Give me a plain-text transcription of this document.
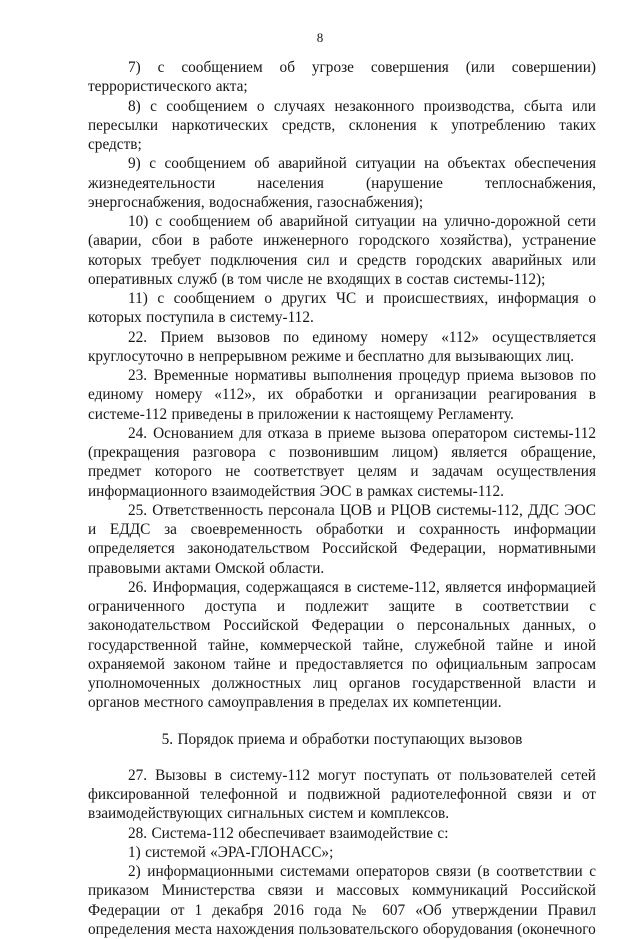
8

7) с сообщением об угрозе совершения (или совершении) террористического акта;

8) с сообщением о случаях незаконного производства, сбыта или пересылки наркотических средств, склонения к употреблению таких средств;

9) с сообщением об аварийной ситуации на объектах обеспечения жизнедеятельности населения (нарушение теплоснабжения, энергоснабжения, водоснабжения, газоснабжения);

10) с сообщением об аварийной ситуации на улично-дорожной сети (аварии, сбои в работе инженерного городского хозяйства), устранение которых требует подключения сил и средств городских аварийных или оперативных служб (в том числе не входящих в состав системы-112);

11) с сообщением о других ЧС и происшествиях, информация о которых поступила в систему-112.

22. Прием вызовов по единому номеру «112» осуществляется круглосуточно в непрерывном режиме и бесплатно для вызывающих лиц.

23. Временные нормативы выполнения процедур приема вызовов по единому номеру «112», их обработки и организации реагирования в системе-112 приведены в приложении к настоящему Регламенту.

24. Основанием для отказа в приеме вызова оператором системы-112 (прекращения разговора с позвонившим лицом) является обращение, предмет которого не соответствует целям и задачам осуществления информационного взаимодействия ЭОС в рамках системы-112.

25. Ответственность персонала ЦОВ и РЦОВ системы-112, ДДС ЭОС и ЕДДС за своевременность обработки и сохранность информации определяется законодательством Российской Федерации, нормативными правовыми актами Омской области.

26. Информация, содержащаяся в системе-112, является информацией ограниченного доступа и подлежит защите в соответствии с законодательством Российской Федерации о персональных данных, о государственной тайне, коммерческой тайне, служебной тайне и иной охраняемой законом тайне и предоставляется по официальным запросам уполномоченных должностных лиц органов государственной власти и органов местного самоуправления в пределах их компетенции.

5. Порядок приема и обработки поступающих вызовов

27. Вызовы в систему-112 могут поступать от пользователей сетей фиксированной телефонной и подвижной радиотелефонной связи и от взаимодействующих сигнальных систем и комплексов.

28. Система-112 обеспечивает взаимодействие с:

1) системой «ЭРА-ГЛОНАСС»;

2) информационными системами операторов связи (в соответствии с приказом Министерства связи и массовых коммуникаций Российской Федерации от 1 декабря 2016 года № 607 «Об утверждении Правил определения места нахождения пользовательского оборудования (оконечного
